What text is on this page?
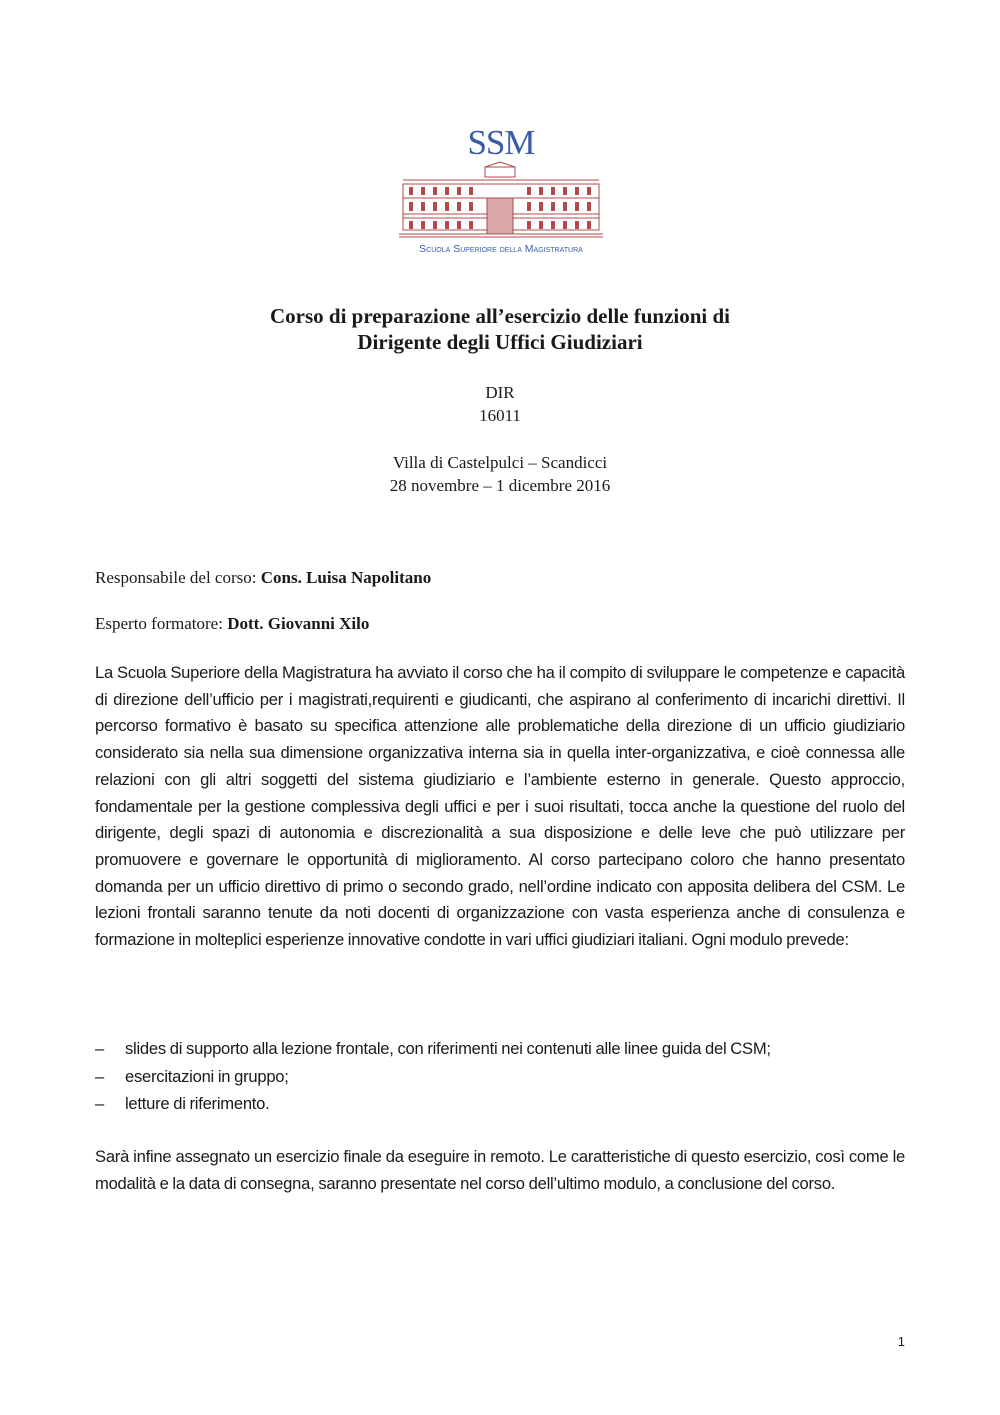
SSM
Scuola Superiore della Magistratura
Corso di preparazione all’esercizio delle funzioni di
Dirigente degli Uffici Giudiziari
DIR
16011
Villa di Castelpulci – Scandicci
28 novembre – 1 dicembre 2016
Responsabile del corso: Cons. Luisa Napolitano
Esperto formatore: Dott. Giovanni Xilo
La Scuola Superiore della Magistratura ha avviato il corso che ha il compito di sviluppare le competenze e capacità di direzione dell’ufficio per i magistrati,requirenti e giudicanti, che aspirano al conferimento di incarichi direttivi. Il percorso formativo è basato su specifica attenzione alle problematiche della direzione di un ufficio giudiziario considerato sia nella sua dimensione organizzativa interna sia in quella inter-organizzativa, e cioè connessa alle relazioni con gli altri soggetti del sistema giudiziario e l’ambiente esterno in generale. Questo approccio, fondamentale per la gestione complessiva degli uffici e per i suoi risultati, tocca anche la questione del ruolo del dirigente, degli spazi di autonomia e discrezionalità a sua disposizione e delle leve che può utilizzare per promuovere e governare le opportunità di miglioramento. Al corso partecipano coloro che hanno presentato domanda per un ufficio direttivo di primo o secondo grado, nell’ordine indicato con apposita delibera del CSM. Le lezioni frontali saranno tenute da noti docenti di organizzazione con vasta esperienza anche di consulenza e formazione in molteplici esperienze innovative condotte in vari uffici giudiziari italiani. Ogni modulo prevede:
–	slides di supporto alla lezione frontale, con riferimenti nei contenuti alle linee guida del CSM;
–	esercitazioni in gruppo;
–	letture di riferimento.
Sarà infine assegnato un esercizio finale da eseguire in remoto. Le caratteristiche di questo esercizio, così come le modalità e la data di consegna, saranno presentate nel corso dell’ultimo modulo, a conclusione del corso.
1
